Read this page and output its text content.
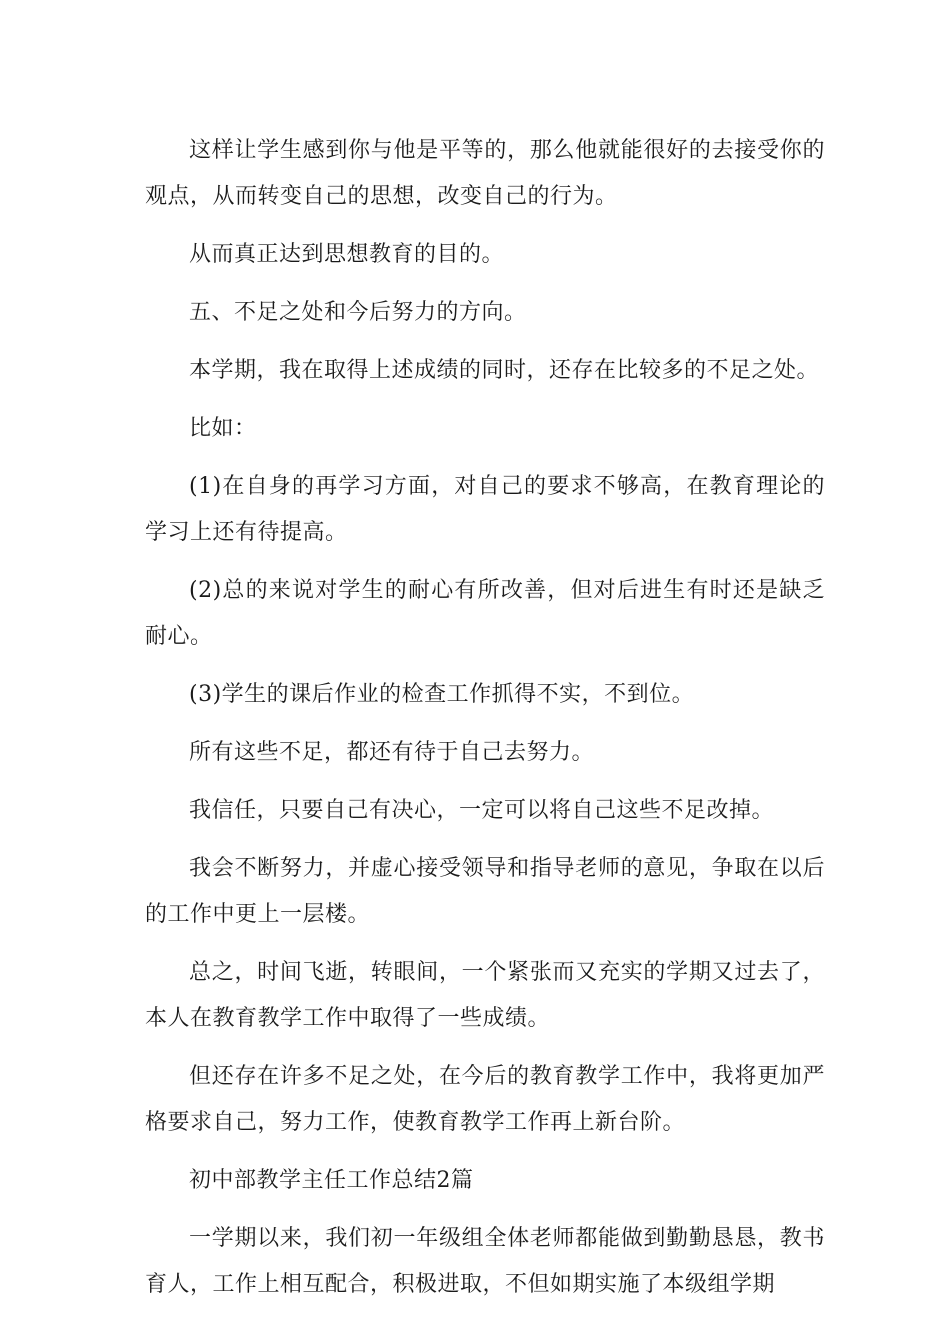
这样让学生感到你与他是平等的，那么他就能很好的去接受你的观点，从而转变自己的思想，改变自己的行为。

从而真正达到思想教育的目的。

五、不足之处和今后努力的方向。

本学期，我在取得上述成绩的同时，还存在比较多的不足之处。

比如：

(1)在自身的再学习方面，对自己的要求不够高，在教育理论的学习上还有待提高。

(2)总的来说对学生的耐心有所改善，但对后进生有时还是缺乏耐心。

(3)学生的课后作业的检查工作抓得不实，不到位。

所有这些不足，都还有待于自己去努力。

我信任，只要自己有决心，一定可以将自己这些不足改掉。

我会不断努力，并虚心接受领导和指导老师的意见，争取在以后的工作中更上一层楼。

总之，时间飞逝，转眼间，一个紧张而又充实的学期又过去了，本人在教育教学工作中取得了一些成绩。

但还存在许多不足之处，在今后的教育教学工作中，我将更加严格要求自己，努力工作，使教育教学工作再上新台阶。

初中部教学主任工作总结2篇

一学期以来，我们初一年级组全体老师都能做到勤勤恳恳，教书育人，工作上相互配合，积极进取，不但如期实施了本级组学期
